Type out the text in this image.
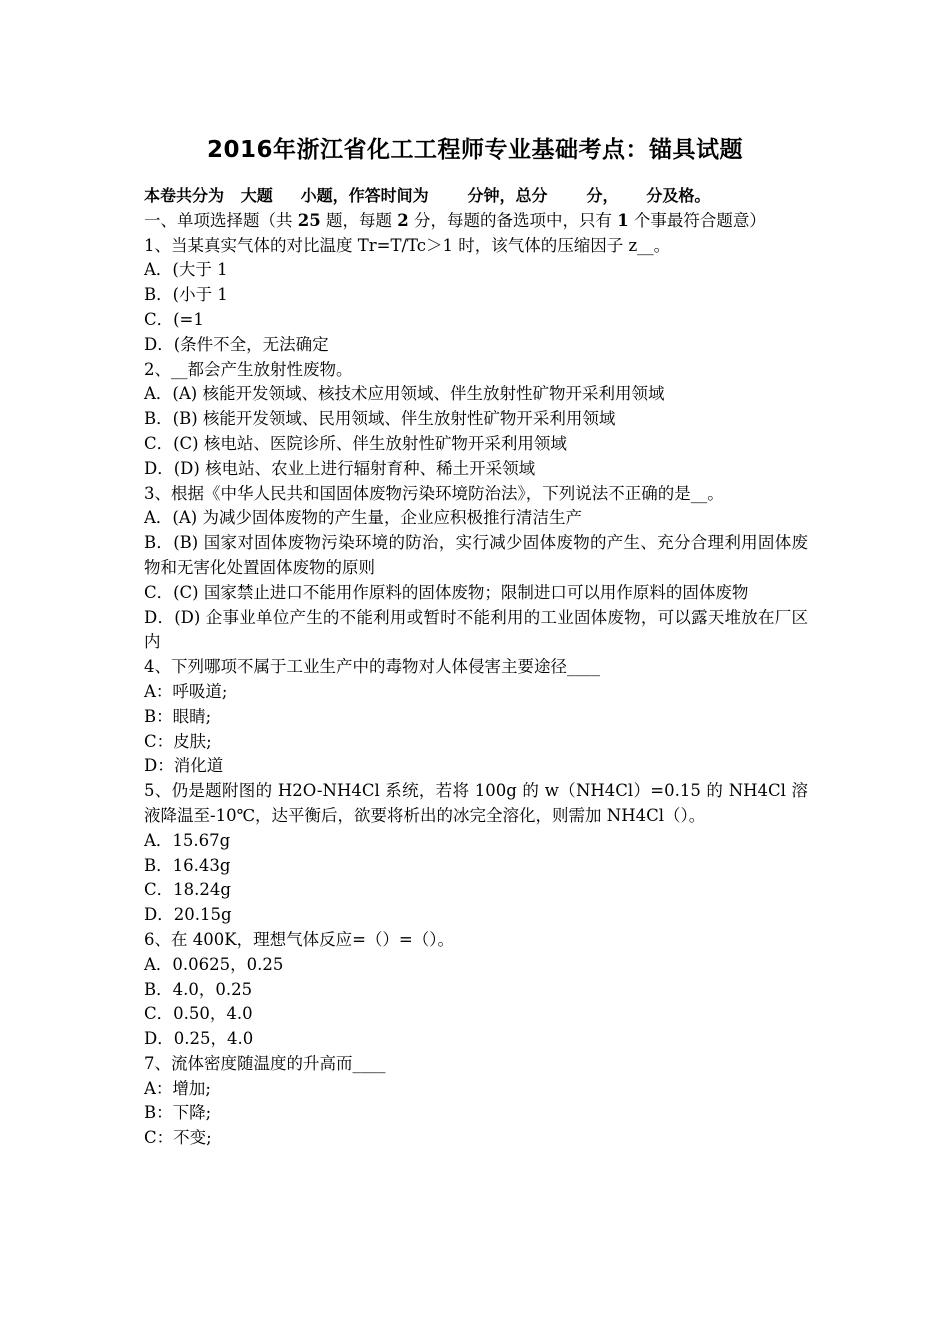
2016年浙江省化工工程师专业基础考点：锚具试题
本卷共分为   大题     小题，作答时间为       分钟，总分       分，     分及格。
一、单项选择题（共 25 题，每题 2 分，每题的备选项中，只有 1 个事最符合题意）
1、当某真实气体的对比温度 Tr=T/Tc＞1 时，该气体的压缩因子 z__。
A．(大于 1
B．(小于 1
C．(=1
D．(条件不全，无法确定
2、__都会产生放射性废物。
A．(A) 核能开发领域、核技术应用领域、伴生放射性矿物开采利用领域
B．(B) 核能开发领域、民用领域、伴生放射性矿物开采利用领域
C．(C) 核电站、医院诊所、伴生放射性矿物开采利用领域
D．(D) 核电站、农业上进行辐射育种、稀土开采领域
3、根据《中华人民共和国固体废物污染环境防治法》，下列说法不正确的是__。
A．(A) 为减少固体废物的产生量，企业应积极推行清洁生产
B．(B) 国家对固体废物污染环境的防治，实行减少固体废物的产生、充分合理利用固体废物和无害化处置固体废物的原则
C．(C) 国家禁止进口不能用作原料的固体废物；限制进口可以用作原料的固体废物
D．(D) 企事业单位产生的不能利用或暂时不能利用的工业固体废物，可以露天堆放在厂区内
4、下列哪项不属于工业生产中的毒物对人体侵害主要途径____
A：呼吸道;
B：眼睛;
C：皮肤;
D：消化道
5、仍是题附图的 H2O-NH4Cl 系统，若将 100g 的 w（NH4Cl）=0.15 的 NH4Cl 溶液降温至-10℃，达平衡后，欲要将析出的冰完全溶化，则需加 NH4Cl（）。
A．15.67g
B．16.43g
C．18.24g
D．20.15g
6、在 400K，理想气体反应=（）=（）。
A．0.0625，0.25
B．4.0，0.25
C．0.50，4.0
D．0.25，4.0
7、流体密度随温度的升高而____
A：增加;
B：下降;
C：不变;
